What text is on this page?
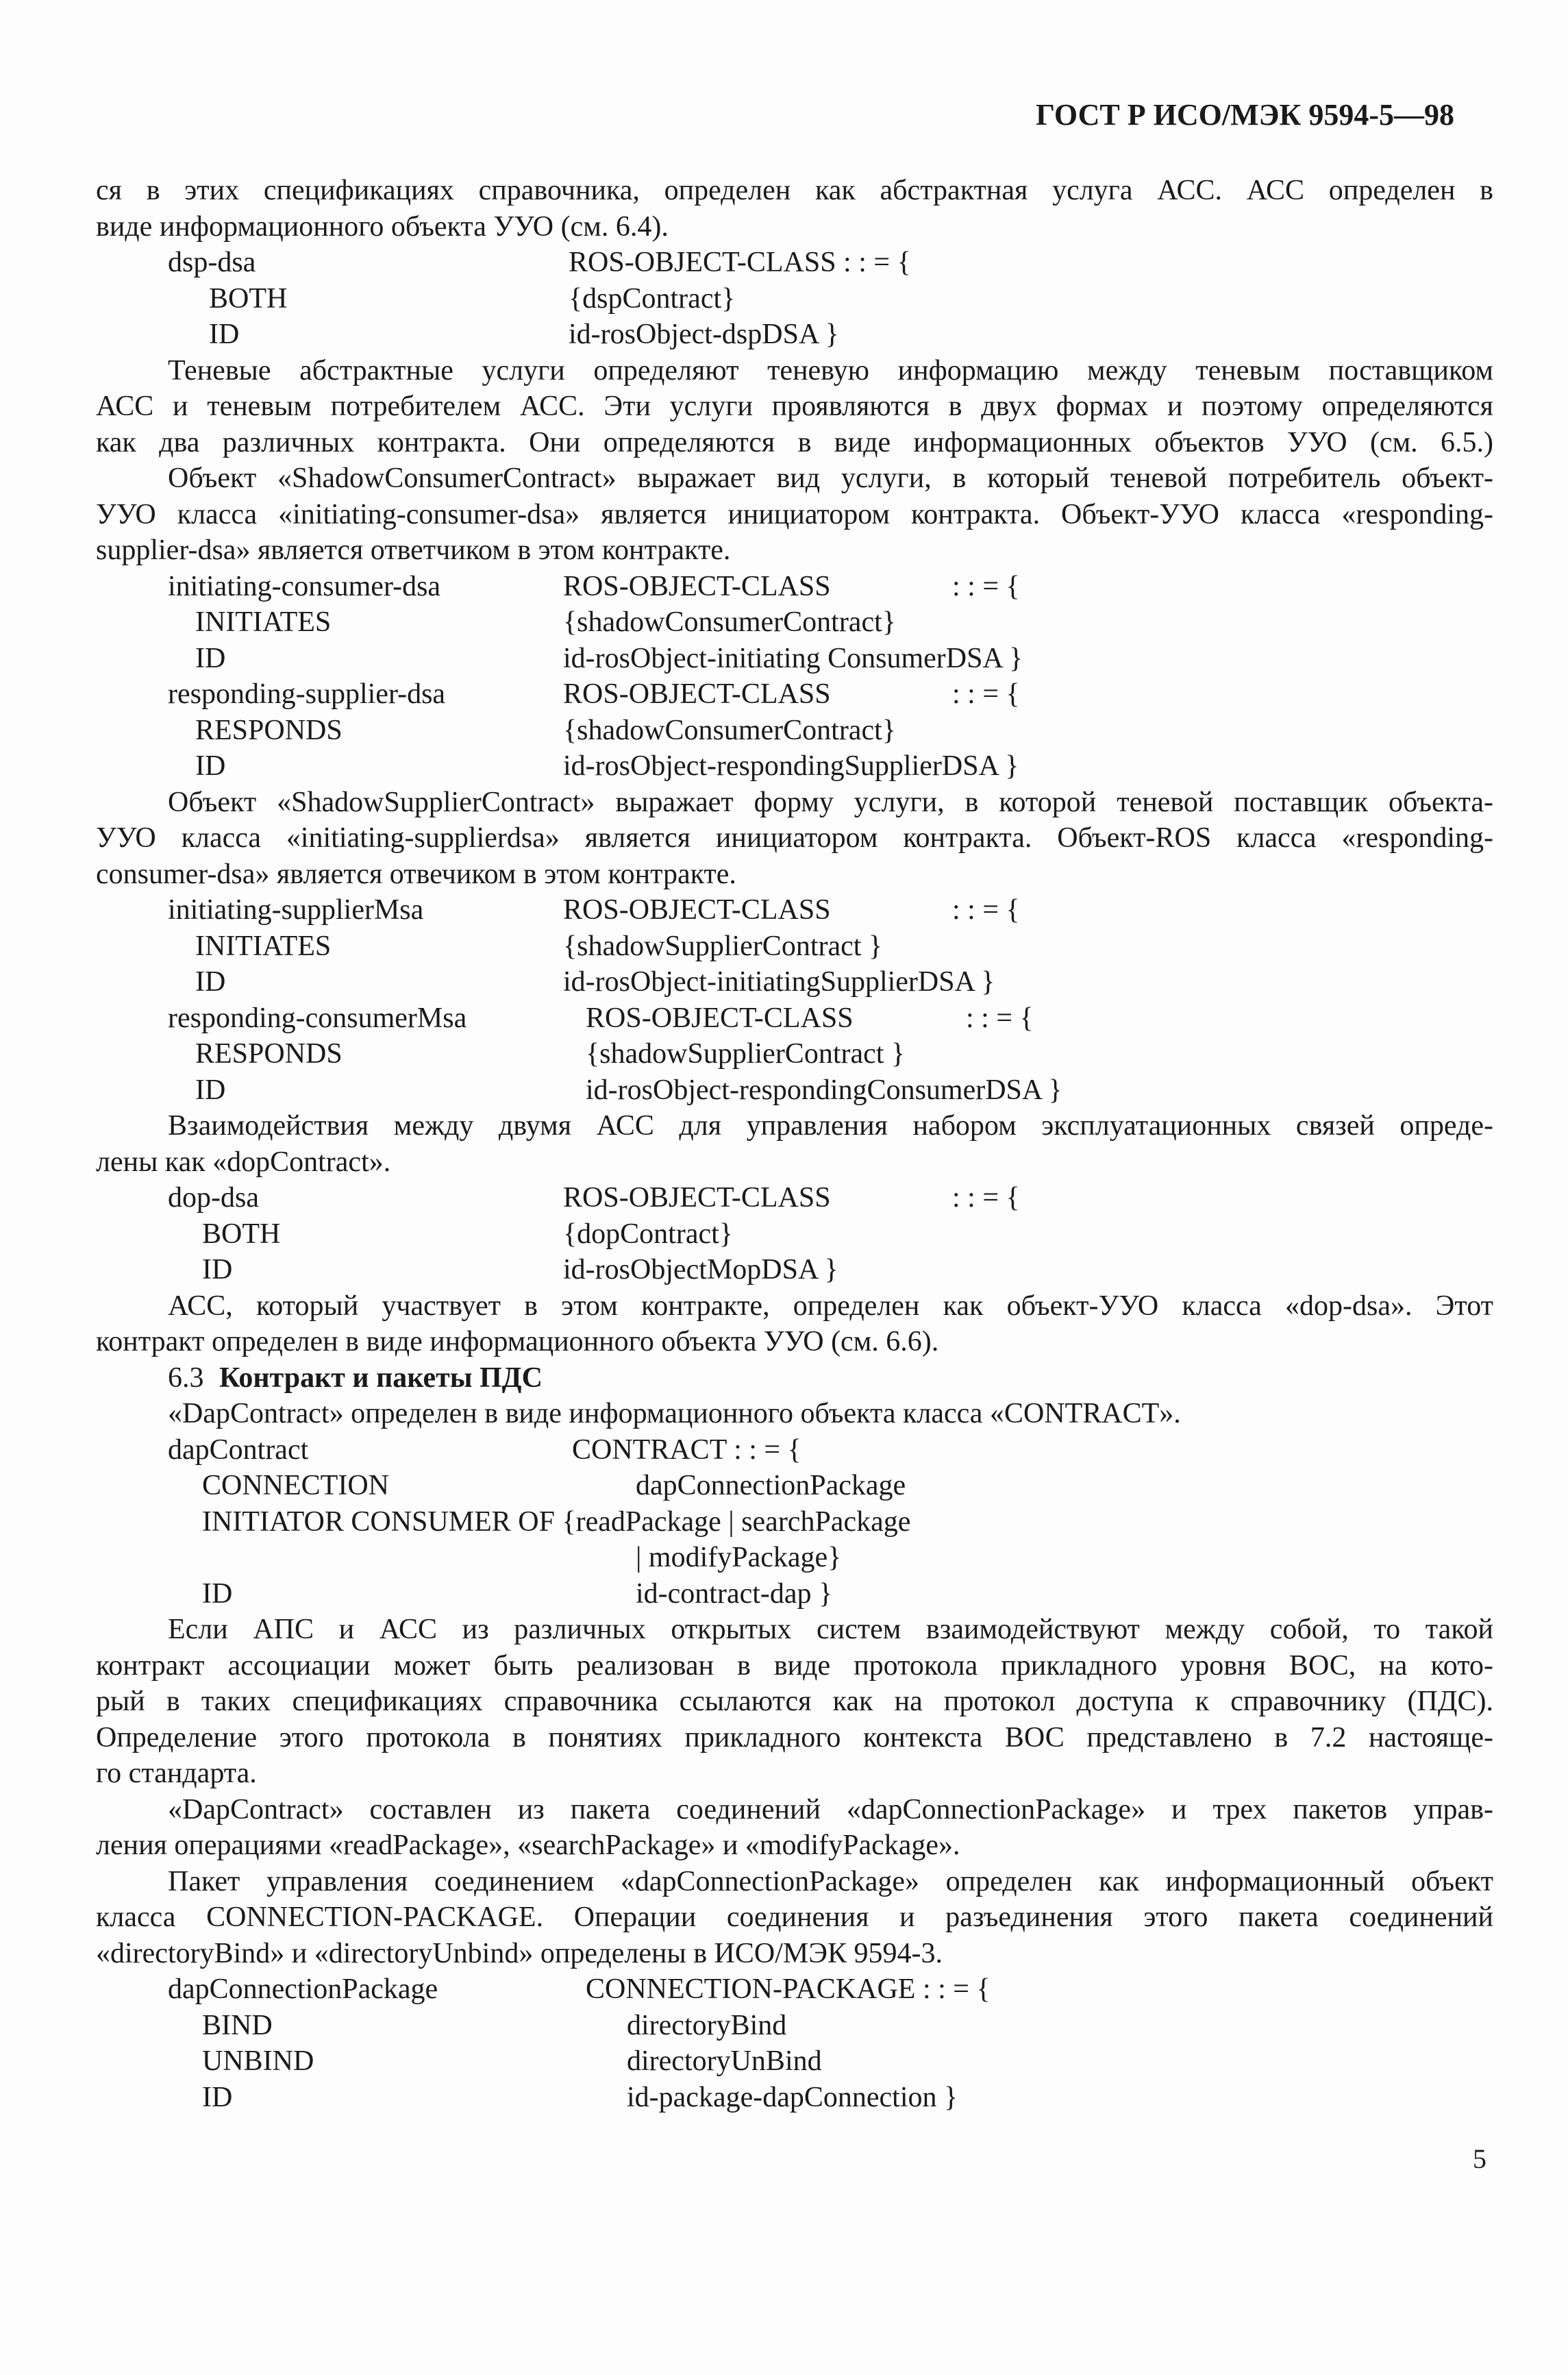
ГОСТ Р ИСО/МЭК 9594-5—98
ся в этих спецификациях справочника, определен как абстрактная услуга АСС. АСС определен в
виде информационного объекта УУО (см. 6.4).
dsp-dsa	ROS-OBJECT-CLASS : : = {
BOTH	{dspContract}
ID	id-rosObject-dspDSA }
Теневые абстрактные услуги определяют теневую информацию между теневым поставщиком
АСС и теневым потребителем АСС. Эти услуги проявляются в двух формах и поэтому определяются
как два различных контракта. Они определяются в виде информационных объектов УУО (см. 6.5.)
Объект «ShadowConsumerContract» выражает вид услуги, в который теневой потребитель объект-
УУО класса «initiating-consumer-dsa» является инициатором контракта. Объект-УУО класса «responding-
supplier-dsa» является ответчиком в этом контракте.
initiating-consumer-dsa	ROS-OBJECT-CLASS	: : = {
INITIATES	{shadowConsumerContract}
ID	id-rosObject-initiating ConsumerDSA }
responding-supplier-dsa	ROS-OBJECT-CLASS	: : = {
RESPONDS	{shadowConsumerContract}
ID	id-rosObject-respondingSupplierDSA }
Объект «ShadowSupplierContract» выражает форму услуги, в которой теневой поставщик объекта-
УУО класса «initiating-supplierdsa» является инициатором контракта. Объект-ROS класса «responding-
consumer-dsa» является отвечиком в этом контракте.
initiating-supplierMsa	ROS-OBJECT-CLASS	: : = {
INITIATES	{shadowSupplierContract }
ID	id-rosObject-initiatingSupplierDSA }
responding-consumerMsa	ROS-OBJECT-CLASS	: : = {
RESPONDS	{shadowSupplierContract }
ID	id-rosObject-respondingConsumerDSA }
Взаимодействия между двумя АСС для управления набором эксплуатационных связей опреде-
лены как «dopContract».
dop-dsa	ROS-OBJECT-CLASS	: : = {
BOTH	{dopContract}
ID	id-rosObjectMopDSA }
АСС, который участвует в этом контракте, определен как объект-УУО класса «dop-dsa». Этот
контракт определен в виде информационного объекта УУО (см. 6.6).
6.3 Контракт и пакеты ПДС
«DapContract» определен в виде информационного объекта класса «CONTRACT».
dapContract	CONTRACT : : = {
CONNECTION	dapConnectionPackage
INITIATOR CONSUMER OF {readPackage | searchPackage
| modifyPackage}
ID	id-contract-dap }
Если АПС и АСС из различных открытых систем взаимодействуют между собой, то такой
контракт ассоциации может быть реализован в виде протокола прикладного уровня ВОС, на кото-
рый в таких спецификациях справочника ссылаются как на протокол доступа к справочнику (ПДС).
Определение этого протокола в понятиях прикладного контекста ВОС представлено в 7.2 настояще-
го стандарта.
«DapContract» составлен из пакета соединений «dapConnectionPackage» и трех пакетов управ-
ления операциями «readPackage», «searchPackage» и «modifyPackage».
Пакет управления соединением «dapConnectionPackage» определен как информационный объект
класса CONNECTION-PACKAGE. Операции соединения и разъединения этого пакета соединений
«directoryBind» и «directoryUnbind» определены в ИСО/МЭК 9594-3.
dapConnectionPackage	CONNECTION-PACKAGE : : = {
BIND	directoryBind
UNBIND	directoryUnBind
ID	id-package-dapConnection }
5
